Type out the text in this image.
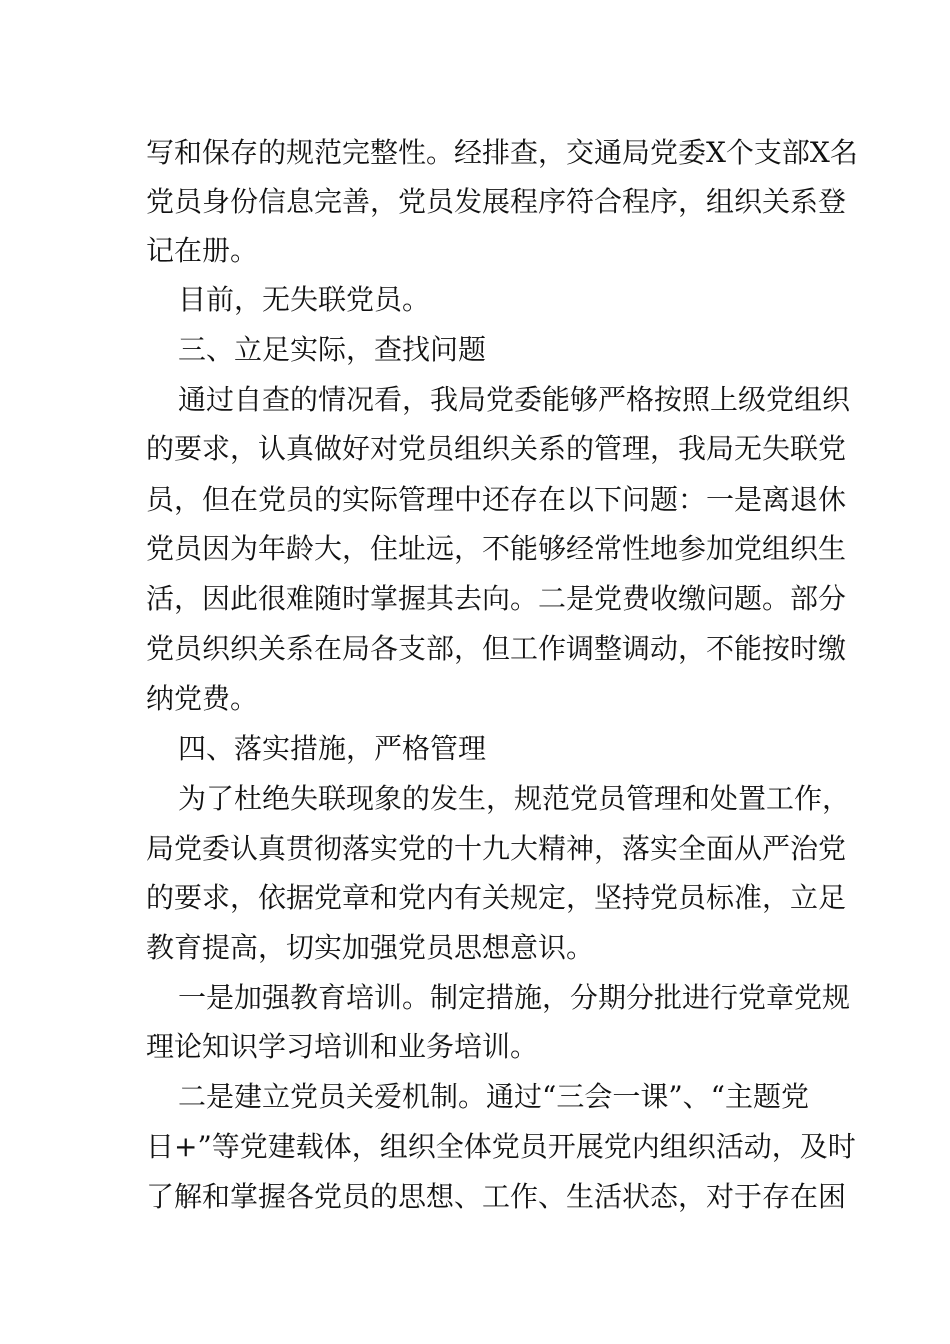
写和保存的规范完整性。经排查，交通局党委Ⅹ个支部Ⅹ名
党员身份信息完善，党员发展程序符合程序，组织关系登
记在册。
目前，无失联党员。
三、立足实际，查找问题
通过自查的情况看，我局党委能够严格按照上级党组织
的要求，认真做好对党员组织关系的管理，我局无失联党
员，但在党员的实际管理中还存在以下问题：一是离退休
党员因为年龄大，住址远，不能够经常性地参加党组织生
活，因此很难随时掌握其去向。二是党费收缴问题。部分
党员织织关系在局各支部，但工作调整调动，不能按时缴
纳党费。
四、落实措施，严格管理
为了杜绝失联现象的发生，规范党员管理和处置工作，
局党委认真贯彻落实党的十九大精神，落实全面从严治党
的要求，依据党章和党内有关规定，坚持党员标准，立足
教育提高，切实加强党员思想意识。
一是加强教育培训。制定措施，分期分批进行党章党规
理论知识学习培训和业务培训。
二是建立党员关爱机制。通过“三会一课”、“主题党
日+”等党建载体，组织全体党员开展党内组织活动，及时
了解和掌握各党员的思想、工作、生活状态，对于存在困
